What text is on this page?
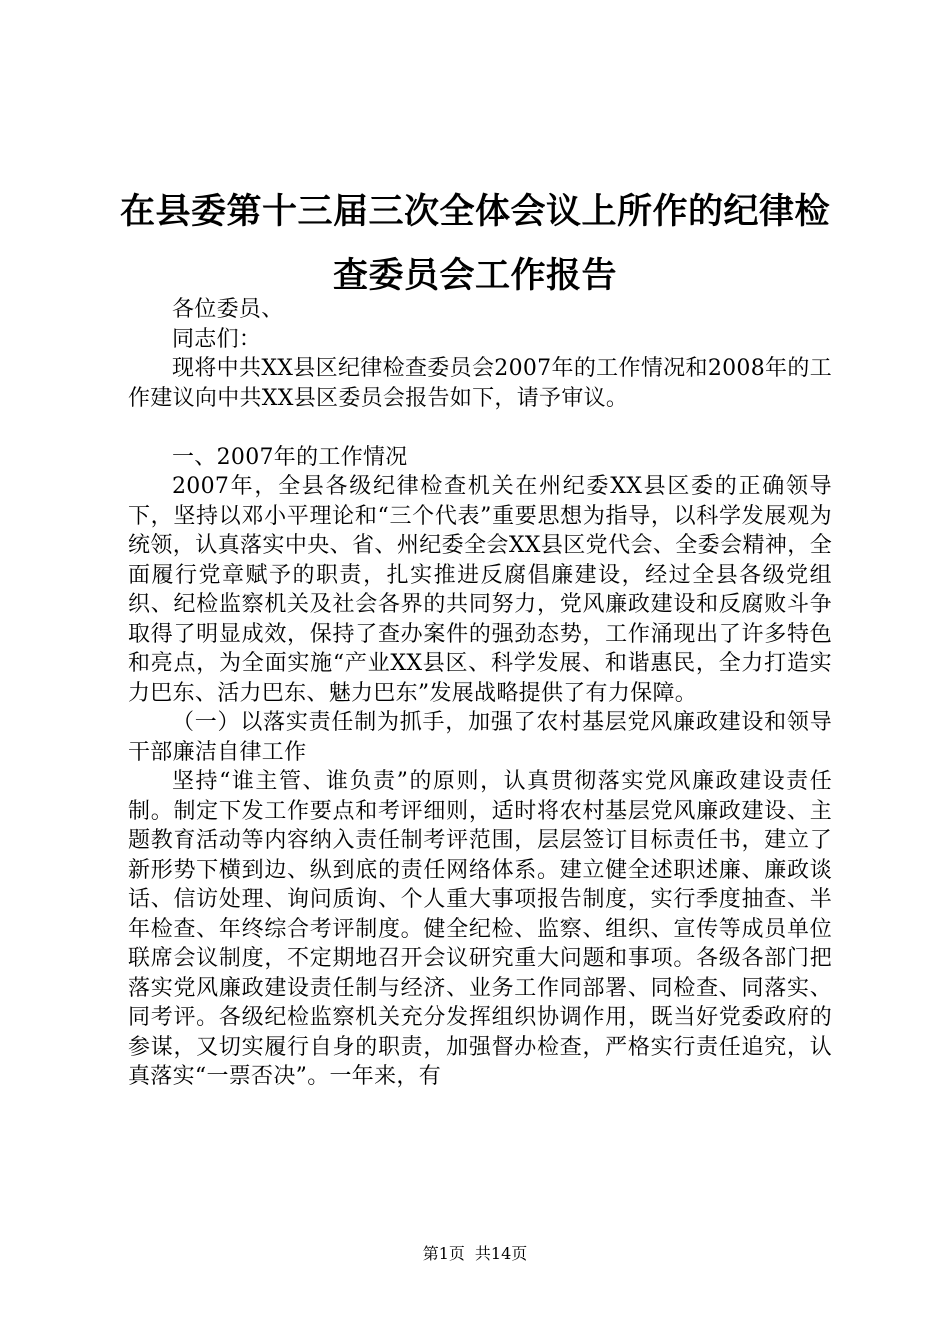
在县委第十三届三次全体会议上所作的纪律检
查委员会工作报告

各位委员、

同志们：

现将中共XX县区纪律检查委员会2007年的工作情况和2008年的工作建议向中共XX县区委员会报告如下，请予审议。

一、2007年的工作情况

2007年，全县各级纪律检查机关在州纪委XX县区委的正确领导下，坚持以邓小平理论和“三个代表”重要思想为指导，以科学发展观为统领，认真落实中央、省、州纪委全会XX县区党代会、全委会精神，全面履行党章赋予的职责，扎实推进反腐倡廉建设，经过全县各级党组织、纪检监察机关及社会各界的共同努力，党风廉政建设和反腐败斗争取得了明显成效，保持了查办案件的强劲态势，工作涌现出了许多特色和亮点，为全面实施“产业XX县区、科学发展、和谐惠民，全力打造实力巴东、活力巴东、魅力巴东”发展战略提供了有力保障。

（一）以落实责任制为抓手，加强了农村基层党风廉政建设和领导干部廉洁自律工作

坚持“谁主管、谁负责”的原则，认真贯彻落实党风廉政建设责任制。制定下发工作要点和考评细则，适时将农村基层党风廉政建设、主题教育活动等内容纳入责任制考评范围，层层签订目标责任书，建立了新形势下横到边、纵到底的责任网络体系。建立健全述职述廉、廉政谈话、信访处理、询问质询、个人重大事项报告制度，实行季度抽查、半年检查、年终综合考评制度。健全纪检、监察、组织、宣传等成员单位联席会议制度，不定期地召开会议研究重大问题和事项。各级各部门把落实党风廉政建设责任制与经济、业务工作同部署、同检查、同落实、同考评。各级纪检监察机关充分发挥组织协调作用，既当好党委政府的参谋，又切实履行自身的职责，加强督办检查，严格实行责任追究，认真落实“一票否决”。一年来，有

第1页 共14页
